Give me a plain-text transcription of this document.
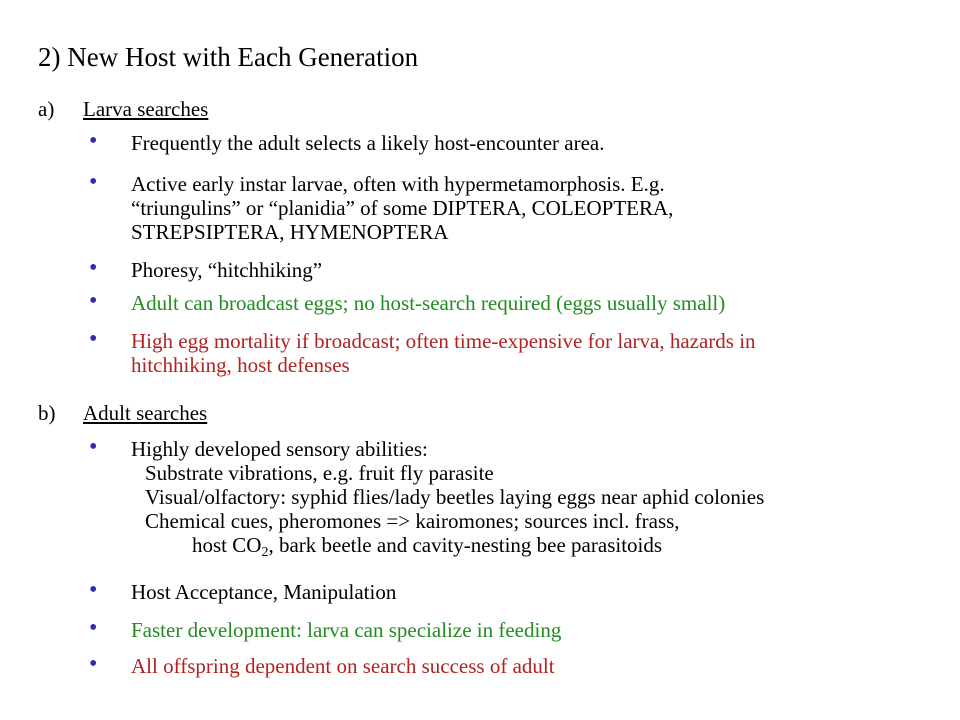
2) New Host with Each Generation
a) Larva searches
• Frequently the adult selects a likely host-encounter area.
• Active early instar larvae, often with hypermetamorphosis. E.g.
“triungulins” or “planidia” of some DIPTERA, COLEOPTERA,
STREPSIPTERA, HYMENOPTERA
• Phoresy, “hitchhiking”
• Adult can broadcast eggs; no host-search required (eggs usually small)
• High egg mortality if broadcast; often time-expensive for larva, hazards in
hitchhiking, host defenses
b) Adult searches
• Highly developed sensory abilities:
Substrate vibrations, e.g. fruit fly parasite
Visual/olfactory: syphid flies/lady beetles laying eggs near aphid colonies
Chemical cues, pheromones => kairomones; sources incl. frass,
host $CO_2$, bark beetle and cavity-nesting bee parasitoids
• Host Acceptance, Manipulation
• Faster development: larva can specialize in feeding
• All offspring dependent on search success of adult
